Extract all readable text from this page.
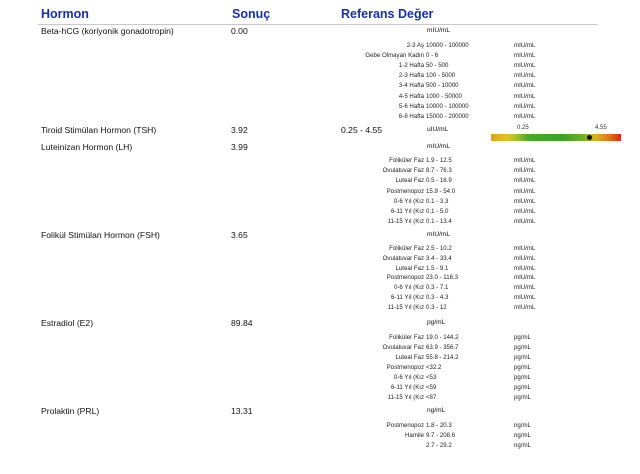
Hormon	Sonuç	Referans Değer
Beta-hCG (koriyonik gonadotropin)	0.00	mIU/mL
2-3 Aş 10000 - 100000	mIU/mL
Gebe Olmayan Kadın 0 - 6	mIU/mL
1-2 Hafta 50 - 500	mIU/mL
2-3 Hafta 100 - 5000	mIU/mL
3-4 Hafta 500 - 10000	mIU/mL
4-5 Hafta 1000 - 50000	mIU/mL
5-6 Hafta 10000 - 100000	mIU/mL
6-8 Hafta 15000 - 200000	mIU/mL
Tiroid Stimülan Hormon (TSH)	3.92	0.25 - 4.55	uIU/mL	0.25	4.55
Luteinizan Hormon (LH)	3.99	mIU/mL
Foliküler Faz 1.9 - 12.5	mIU/mL
Ovulatuvar Faz 8.7 - 76.3	mIU/mL
Luteal Faz 0.5 - 16.9	mIU/mL
Postmenopoz 15.9 - 54.0	mIU/mL
0-6 Yıl (Kız 0.1 - 3.3	mIU/mL
6-11 Yıl (Kız 0.1 - 5.0	mIU/mL
11-15 Yıl (Kız 0.1 - 13.4	mIU/mL
Folikül Stimülan Hormon (FSH)	3.65	mIU/mL
Foliküler Faz 2.5 - 10.2	mIU/mL
Ovulatuvar Faz 3.4 - 33.4	mIU/mL
Luteal Faz 1.5 - 9.1	mIU/mL
Postmenopoz 23.0 - 116.3	mIU/mL
0-6 Yıl (Kız 0.3 - 7.1	mIU/mL
6-11 Yıl (Kız 0.3 - 4.3	mIU/mL
11-15 Yıl (Kız 0.3 - 12	mIU/mL
Estradiol (E2)	89.84	pg/mL
Foliküler Faz 19.0 - 144.2	pg/mL
Ovulatuvar Faz 63.9 - 356.7	pg/mL
Luteal Faz 55.8 - 214.2	pg/mL
Postmenopoz <32.2	pg/mL
0-6 Yıl (Kız <53	pg/mL
6-11 Yıl (Kız <59	pg/mL
11-15 Yıl (Kız <87	pg/mL
Prolaktin (PRL)	13.31	ng/mL
Postmenopoz 1.8 - 20.3	ng/mL
Hamile 9.7 - 208.6	ng/mL
2.7 - 29.2	ng/mL
